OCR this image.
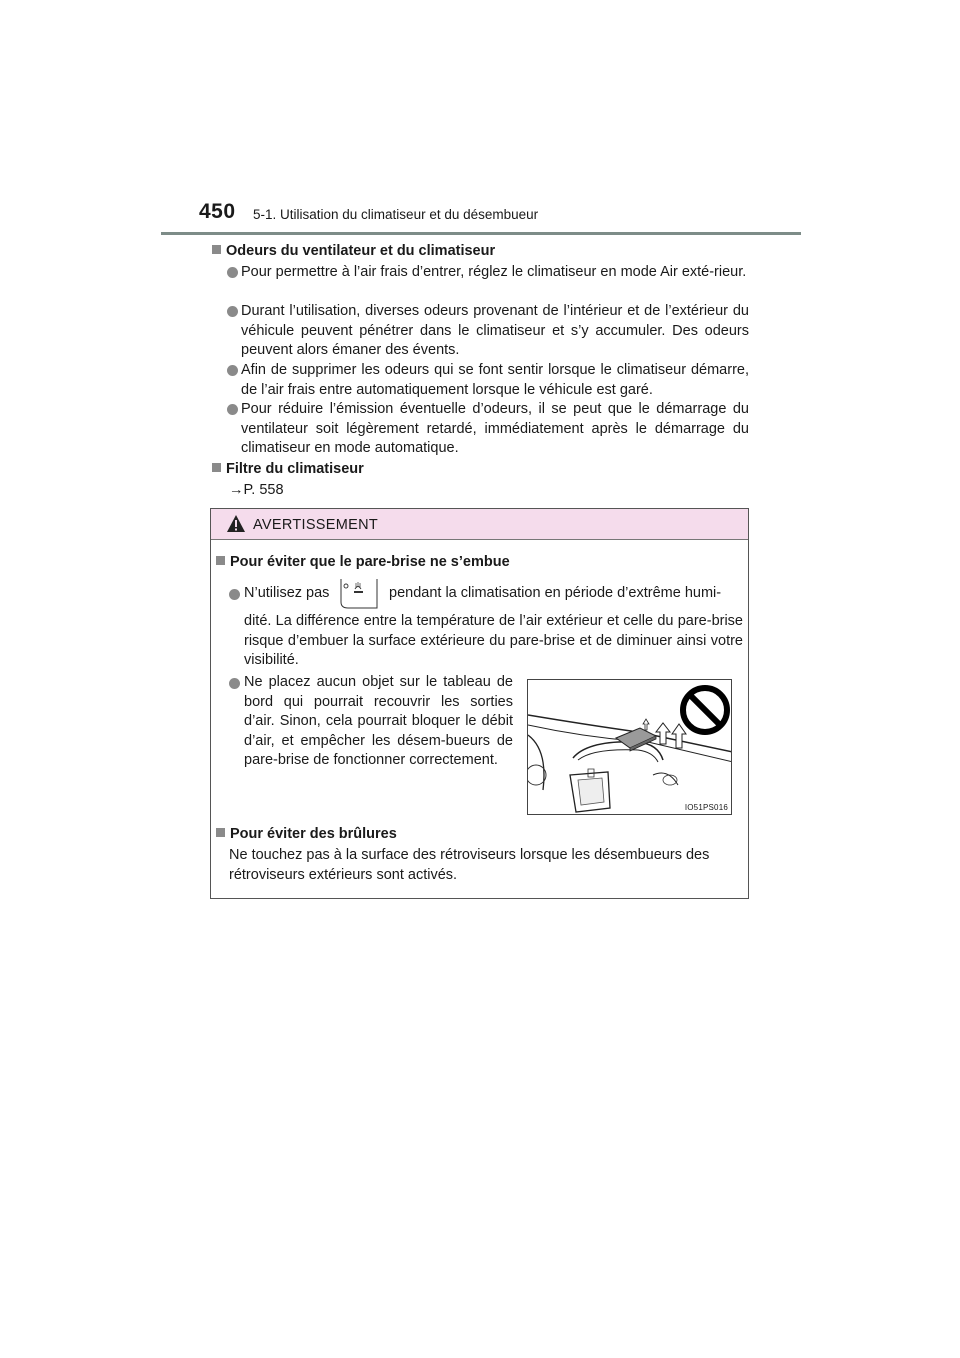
450 5-1. Utilisation du climatiseur et du désembueur
Odeurs du ventilateur et du climatiseur
Pour permettre à l’air frais d’entrer, réglez le climatiseur en mode Air exté-rieur.
Durant l’utilisation, diverses odeurs provenant de l’intérieur et de l’extérieur du véhicule peuvent pénétrer dans le climatiseur et s’y accumuler. Des odeurs peuvent alors émaner des évents.
Afin de supprimer les odeurs qui se font sentir lorsque le climatiseur démarre, de l’air frais entre automatiquement lorsque le véhicule est garé.
Pour réduire l’émission éventuelle d’odeurs, il se peut que le démarrage du ventilateur soit légèrement retardé, immédiatement après le démarrage du climatiseur en mode automatique.
Filtre du climatiseur
→P. 558
AVERTISSEMENT
Pour éviter que le pare-brise ne s’embue
N’utilisez pas	pendant la climatisation en période d’extrême humi-
dité. La différence entre la température de l’air extérieur et celle du pare-brise risque d’embuer la surface extérieure du pare-brise et de diminuer ainsi votre visibilité.
Ne placez aucun objet sur le tableau de bord qui pourrait recouvrir les sorties d’air. Sinon, cela pourrait bloquer le débit d’air, et empêcher les désem-bueurs de pare-brise de fonctionner correctement.
IO51PS016
Pour éviter des brûlures
Ne touchez pas à la surface des rétroviseurs lorsque les désembueurs des rétroviseurs extérieurs sont activés.
